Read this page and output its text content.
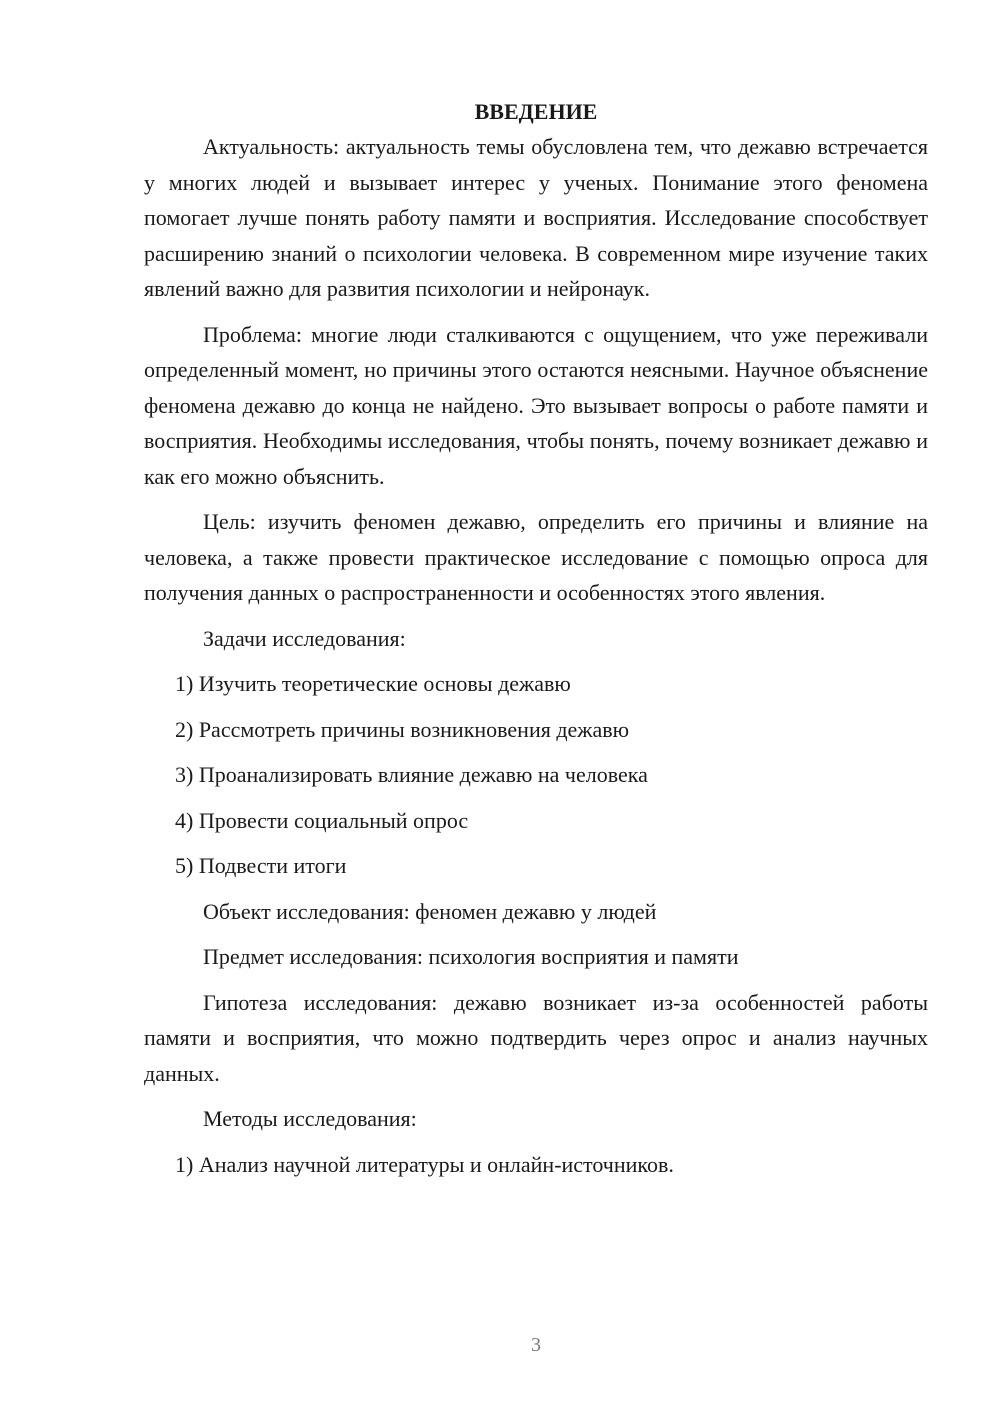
ВВЕДЕНИЕ

Актуальность: актуальность темы обусловлена тем, что дежавю встречается у многих людей и вызывает интерес у ученых. Понимание этого феномена помогает лучше понять работу памяти и восприятия. Исследование способствует расширению знаний о психологии человека. В современном мире изучение таких явлений важно для развития психологии и нейронаук.

Проблема: многие люди сталкиваются с ощущением, что уже переживали определенный момент, но причины этого остаются неясными. Научное объяснение феномена дежавю до конца не найдено. Это вызывает вопросы о работе памяти и восприятия. Необходимы исследования, чтобы понять, почему возникает дежавю и как его можно объяснить.

Цель: изучить феномен дежавю, определить его причины и влияние на человека, а также провести практическое исследование с помощью опроса для получения данных о распространенности и особенностях этого явления.

Задачи исследования:

1) Изучить теоретические основы дежавю

2) Рассмотреть причины возникновения дежавю

3) Проанализировать влияние дежавю на человека

4) Провести социальный опрос

5) Подвести итоги

Объект исследования: феномен дежавю у людей

Предмет исследования: психология восприятия и памяти

Гипотеза исследования: дежавю возникает из-за особенностей работы памяти и восприятия, что можно подтвердить через опрос и анализ научных данных.

Методы исследования:

1) Анализ научной литературы и онлайн-источников.

3
